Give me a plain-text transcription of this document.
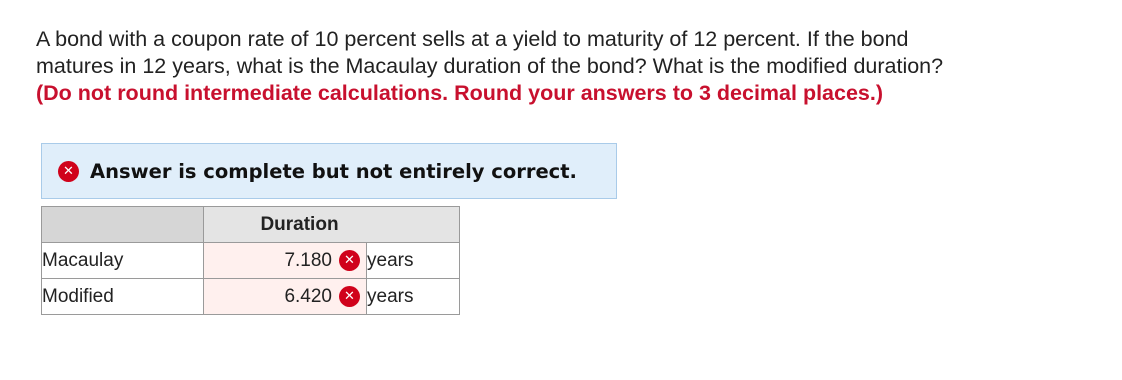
A bond with a coupon rate of 10 percent sells at a yield to maturity of 12 percent. If the bond
matures in 12 years, what is the Macaulay duration of the bond? What is the modified duration?
(Do not round intermediate calculations. Round your answers to 3 decimal places.)
✕ Answer is complete but not entirely correct.
	Duration	
Macaulay	7.180 ✕	years
Modified	6.420 ✕	years
